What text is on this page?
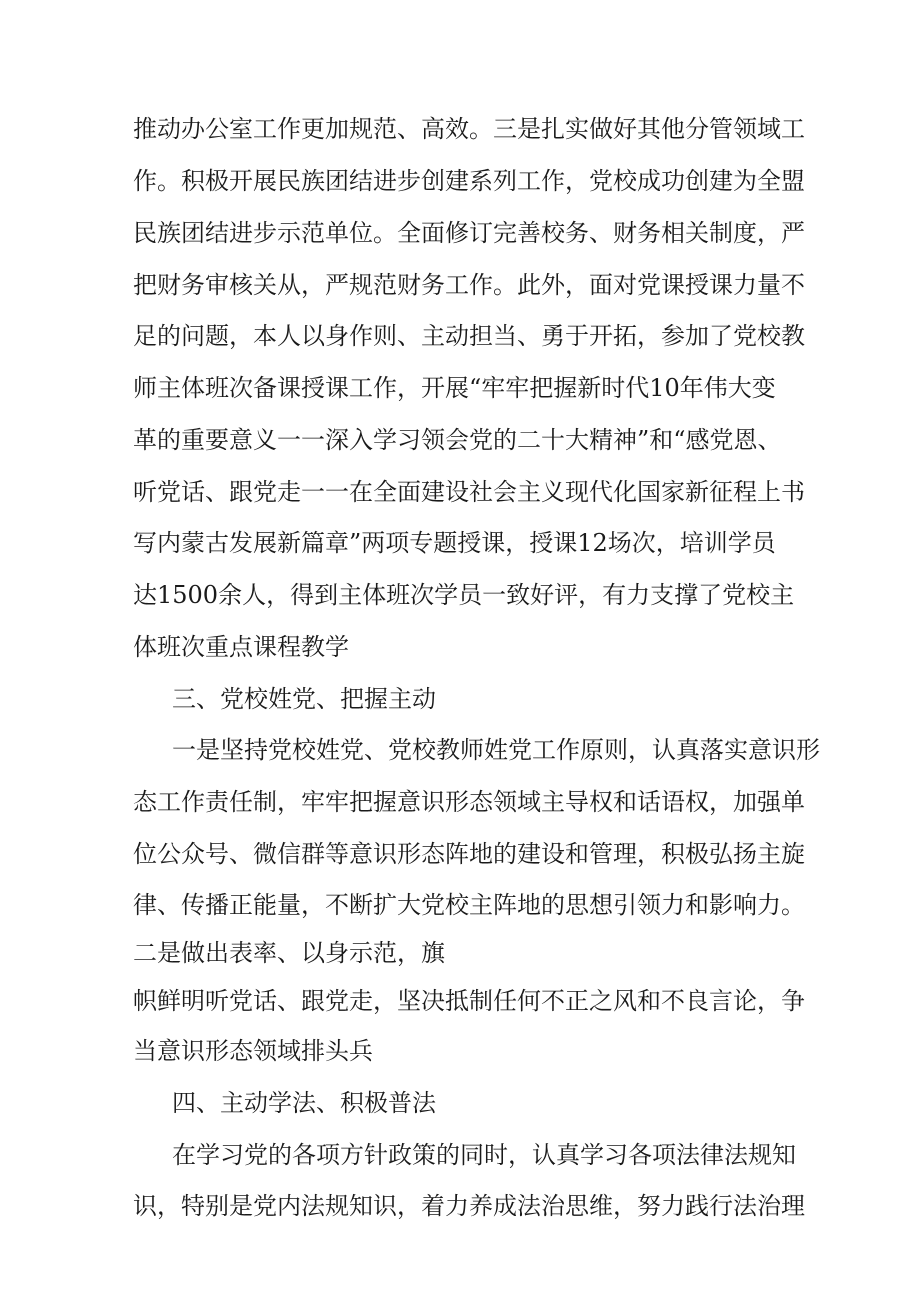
推动办公室工作更加规范、高效。三是扎实做好其他分管领域工
作。积极开展民族团结进步创建系列工作，党校成功创建为全盟
民族团结进步示范单位。全面修订完善校务、财务相关制度，严
把财务审核关从，严规范财务工作。此外，面对党课授课力量不
足的问题，本人以身作则、主动担当、勇于开拓，参加了党校教
师主体班次备课授课工作，开展“牢牢把握新时代10年伟大变
革的重要意义一一深入学习领会党的二十大精神”和“感党恩、
听党话、跟党走一一在全面建设社会主义现代化国家新征程上书
写内蒙古发展新篇章”两项专题授课，授课12场次，培训学员
达1500余人，得到主体班次学员一致好评，有力支撑了党校主
体班次重点课程教学
三、党校姓党、把握主动
一是坚持党校姓党、党校教师姓党工作原则，认真落实意识形
态工作责任制，牢牢把握意识形态领域主导权和话语权，加强单
位公众号、微信群等意识形态阵地的建设和管理，积极弘扬主旋
律、传播正能量，不断扩大党校主阵地的思想引领力和影响力。
二是做出表率、以身示范，旗
帜鲜明听党话、跟党走，坚决抵制任何不正之风和不良言论，争
当意识形态领域排头兵
四、主动学法、积极普法
在学习党的各项方针政策的同时，认真学习各项法律法规知
识，特别是党内法规知识，着力养成法治思维，努力践行法治理
